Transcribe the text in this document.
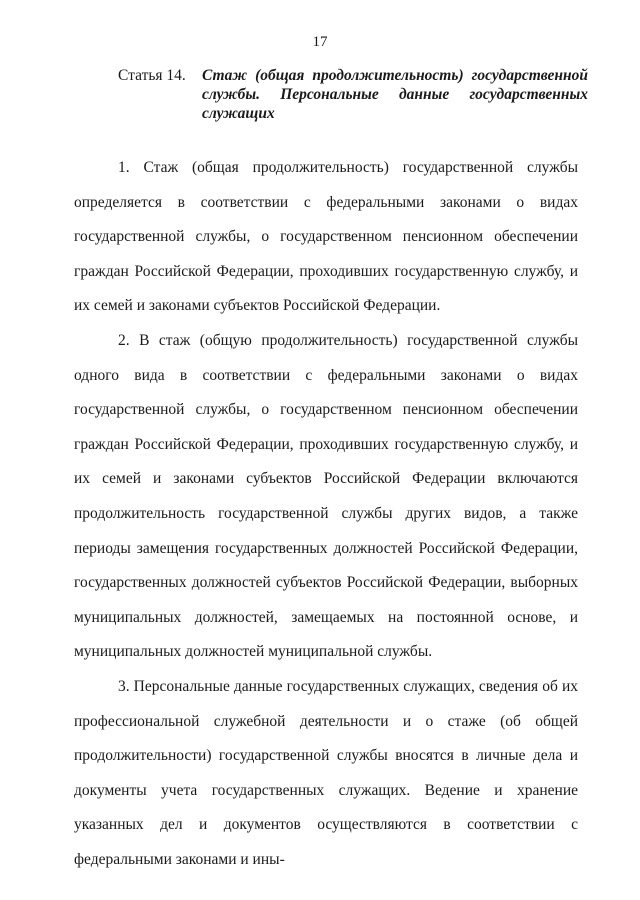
17
Статья 14. Стаж (общая продолжительность) государственной службы. Персональные данные государственных служащих

1. Стаж (общая продолжительность) государственной службы определяется в соответствии с федеральными законами о видах государственной службы, о государственном пенсионном обеспечении граждан Российской Федерации, проходивших государственную службу, и их семей и законами субъектов Российской Федерации.

2. В стаж (общую продолжительность) государственной службы одного вида в соответствии с федеральными законами о видах государственной службы, о государственном пенсионном обеспечении граждан Российской Федерации, проходивших государственную службу, и их семей и законами субъектов Российской Федерации включаются продолжительность государственной службы других видов, а также периоды замещения государственных должностей Российской Федерации, государственных должностей субъектов Российской Федерации, выборных муниципальных должностей, замещаемых на постоянной основе, и муниципальных должностей муниципальной службы.

3. Персональные данные государственных служащих, сведения об их профессиональной служебной деятельности и о стаже (об общей продолжительности) государственной службы вносятся в личные дела и документы учета государственных служащих. Ведение и хранение указанных дел и документов осуществляются в соответствии с федеральными законами и ины-
